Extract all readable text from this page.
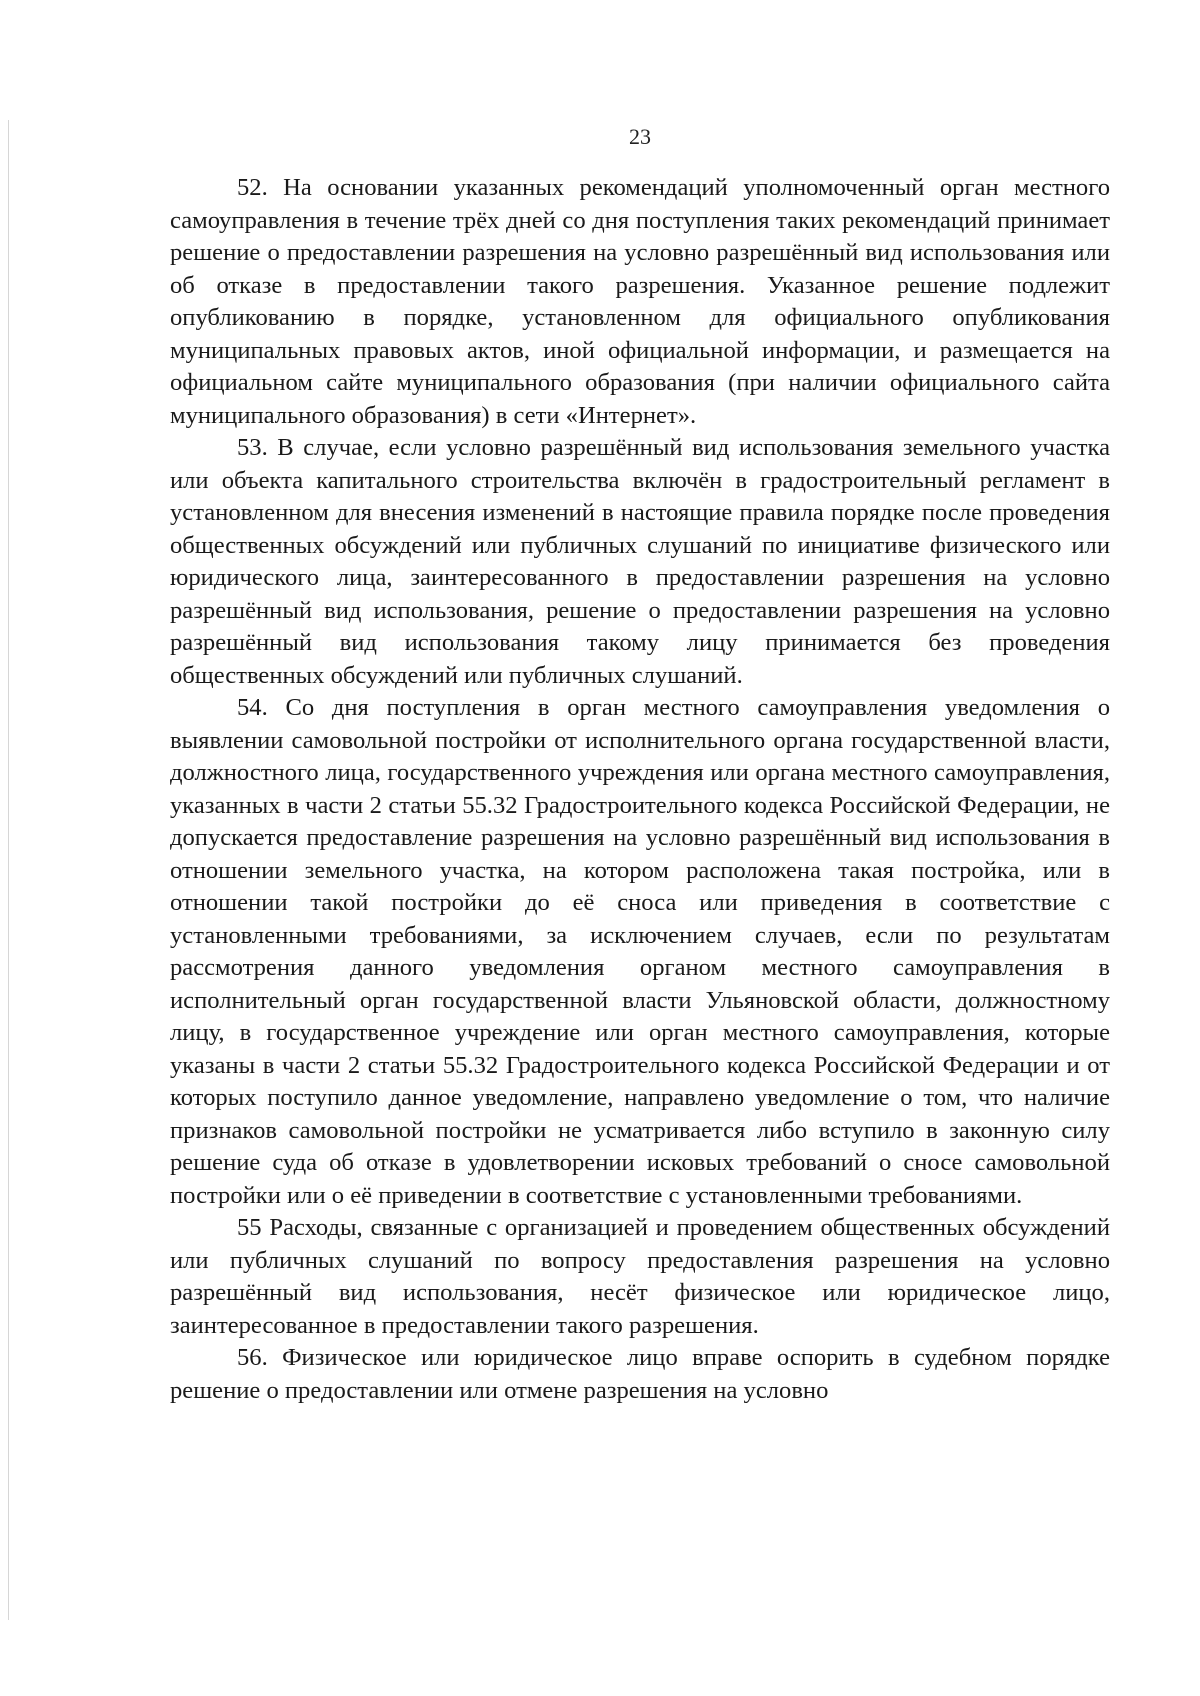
23

52. На основании указанных рекомендаций уполномоченный орган местного самоуправления в течение трёх дней со дня поступления таких рекомендаций принимает решение о предоставлении разрешения на условно разрешённый вид использования или об отказе в предоставлении такого разрешения. Указанное решение подлежит опубликованию в порядке, установленном для официального опубликования муниципальных правовых актов, иной официальной информации, и размещается на официальном сайте муниципального образования (при наличии официального сайта муниципального образования) в сети «Интернет».

53. В случае, если условно разрешённый вид использования земельного участка или объекта капитального строительства включён в градостроительный регламент в установленном для внесения изменений в настоящие правила порядке после проведения общественных обсуждений или публичных слушаний по инициативе физического или юридического лица, заинтересованного в предоставлении разрешения на условно разрешённый вид использования, решение о предоставлении разрешения на условно разрешённый вид использования такому лицу принимается без проведения общественных обсуждений или публичных слушаний.

54. Со дня поступления в орган местного самоуправления уведомления о выявлении самовольной постройки от исполнительного органа государственной власти, должностного лица, государственного учреждения или органа местного самоуправления, указанных в части 2 статьи 55.32 Градостроительного кодекса Российской Федерации, не допускается предоставление разрешения на условно разрешённый вид использования в отношении земельного участка, на котором расположена такая постройка, или в отношении такой постройки до её сноса или приведения в соответствие с установленными требованиями, за исключением случаев, если по результатам рассмотрения данного уведомления органом местного самоуправления в исполнительный орган государственной власти Ульяновской области, должностному лицу, в государственное учреждение или орган местного самоуправления, которые указаны в части 2 статьи 55.32 Градостроительного кодекса Российской Федерации и от которых поступило данное уведомление, направлено уведомление о том, что наличие признаков самовольной постройки не усматривается либо вступило в законную силу решение суда об отказе в удовлетворении исковых требований о сносе самовольной постройки или о её приведении в соответствие с установленными требованиями.

55 Расходы, связанные с организацией и проведением общественных обсуждений или публичных слушаний по вопросу предоставления разрешения на условно разрешённый вид использования, несёт физическое или юридическое лицо, заинтересованное в предоставлении такого разрешения.

56. Физическое или юридическое лицо вправе оспорить в судебном порядке решение о предоставлении или отмене разрешения на условно
